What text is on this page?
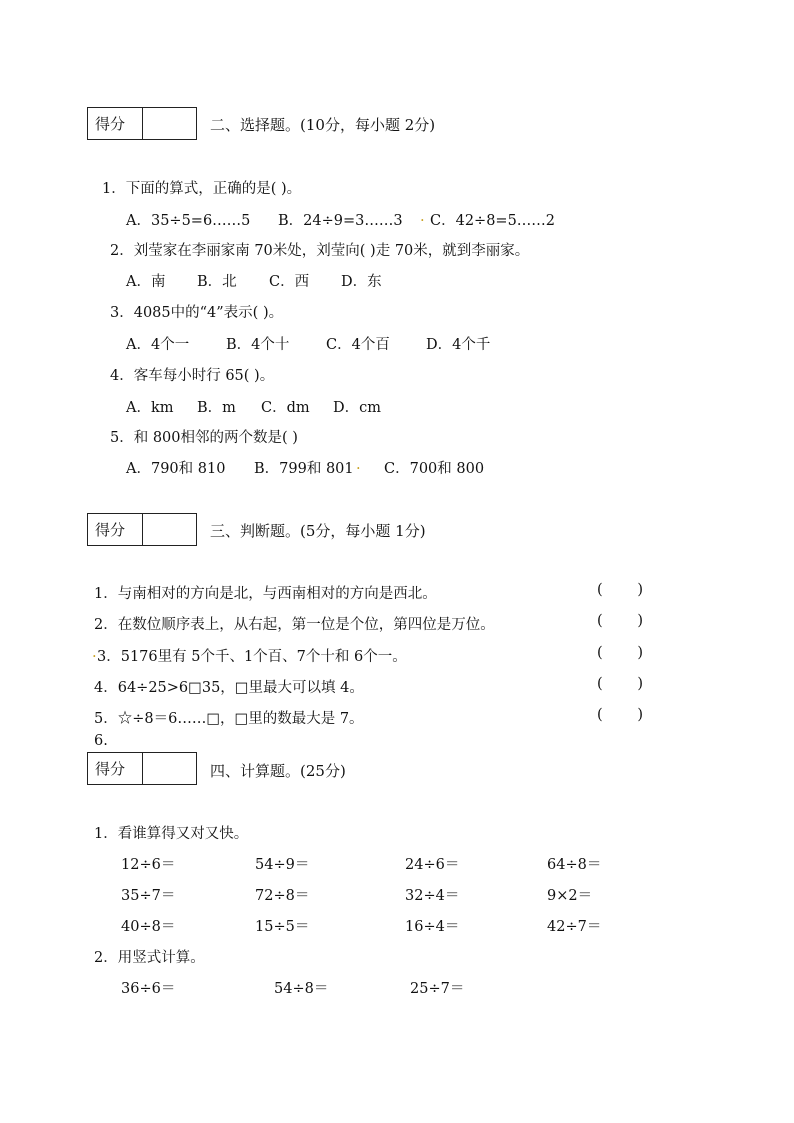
得分	二、选择题。(10分，每小题 2分)
1．下面的算式，正确的是( )。
A．35÷5=6……5 B．24÷9=3……3 . C．42÷8=5……2
2．刘莹家在李丽家南 70米处，刘莹向( )走 70米，就到李丽家。
A．南 B．北 C．西 D．东
3．4085中的“4”表示( )。
A．4个一	B．4个十	C．4个百 D．4个千
4．客车每小时行 65( )。
A．km B．m C．dm D．cm
5．和 800相邻的两个数是( )
A．790和 810 B．799和 801 . C．700和 800
得分	三、判断题。(5分，每小题 1分)
1．与南相对的方向是北，与西南相对的方向是西北。	( )
2．在数位顺序表上，从右起，第一位是个位，第四位是万位。	( )
. 3．5176里有 5个千、1个百、7个十和 6个一。	( )
4．64÷25>6□35，□里最大可以填 4。	( )
5．☆÷8＝6……□，□里的数最大是 7。	( )
6.
得分	四、计算题。(25分)
1．看谁算得又对又快。
12÷6＝	54÷9＝	24÷6＝	64÷8＝
35÷7＝	72÷8＝	32÷4＝	9×2＝
40÷8＝	15÷5＝	16÷4＝	42÷7＝
2．用竖式计算。
36÷6＝	54÷8＝	25÷7＝
